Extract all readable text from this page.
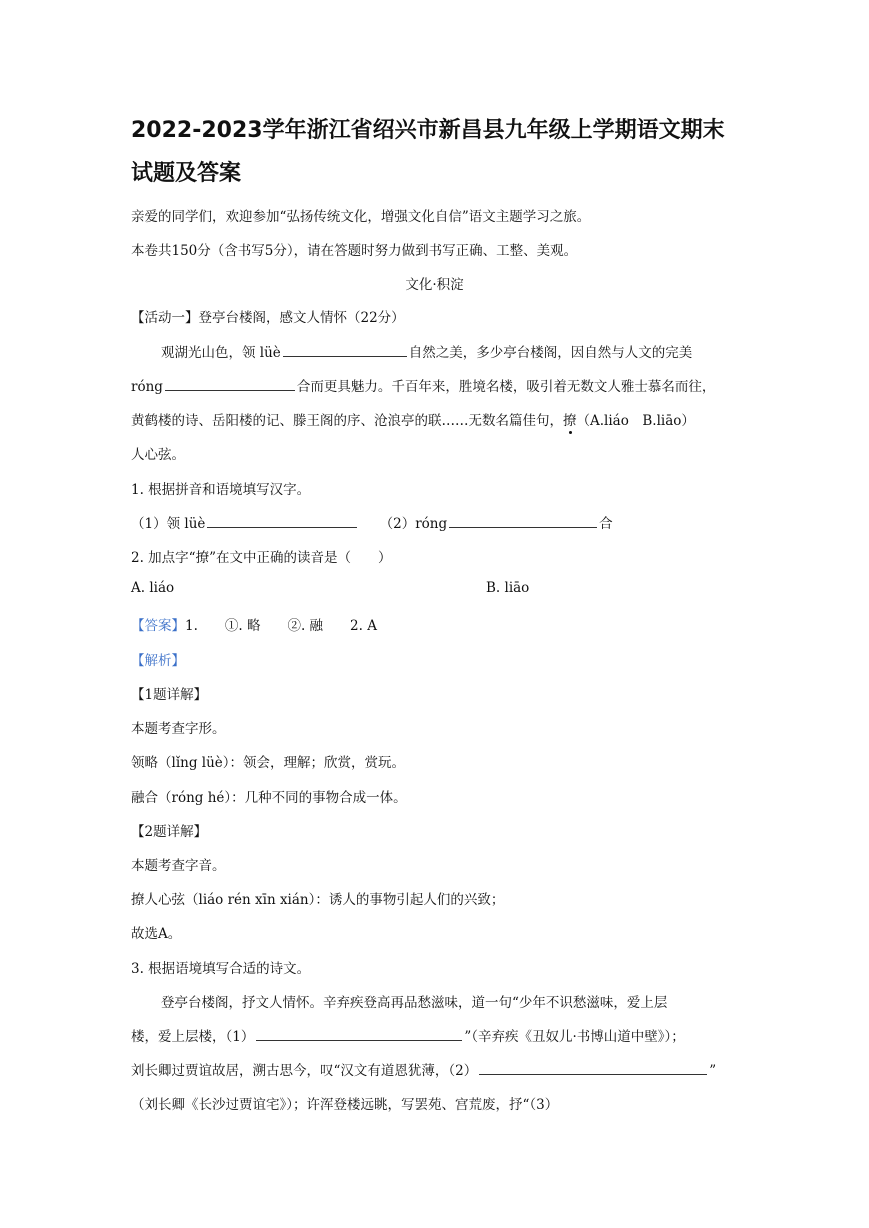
2022-2023学年浙江省绍兴市新昌县九年级上学期语文期末
试题及答案
亲爱的同学们，欢迎参加“弘扬传统文化，增强文化自信”语文主题学习之旅。
本卷共150分（含书写5分），请在答题时努力做到书写正确、工整、美观。
文化·积淀
【活动一】登亭台楼阁，感文人情怀（22分）
观湖光山色，领 lüè	自然之美，多少亭台楼阁，因自然与人文的完美
róng	合而更具魅力。千百年来，胜境名楼，吸引着无数文人雅士慕名而往，
黄鹤楼的诗、岳阳楼的记、滕王阁的序、沧浪亭的联……无数名篇佳句，撩（A.liáo　B.liāo）
人心弦。
1. 根据拼音和语境填写汉字。
（1）领 lüè　　	（2）róng	合
2. 加点字“撩”在文中正确的读音是（　　）
A. liáo	B. liāo
【答案】1.　　①. 略　　②. 融　　2. A
【解析】
【1题详解】
本题考查字形。
领略（lǐng lüè）：领会，理解；欣赏，赏玩。
融合（róng hé）：几种不同的事物合成一体。
【2题详解】
本题考查字音。
撩人心弦（liáo rén xīn xián）：诱人的事物引起人们的兴致；
故选A。
3. 根据语境填写合适的诗文。
登亭台楼阁，抒文人情怀。辛弃疾登高再品愁滋味，道一句“少年不识愁滋味，爱上层
楼，爱上层楼，（1）	”（辛弃疾《丑奴儿·书博山道中壁》）；
刘长卿过贾谊故居，溯古思今，叹“汉文有道恩犹薄，（2）	”
（刘长卿《长沙过贾谊宅》）；许浑登楼远眺，写罢苑、宫荒废，抒“（3）
